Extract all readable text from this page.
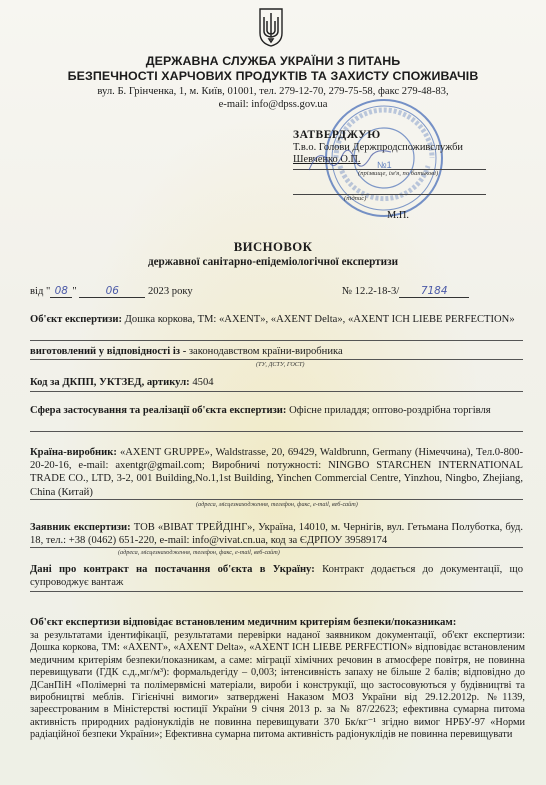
ДЕРЖАВНА СЛУЖБА УКРАЇНИ З ПИТАНЬ
БЕЗПЕЧНОСТІ ХАРЧОВИХ ПРОДУКТІВ ТА ЗАХИСТУ СПОЖИВАЧІВ
вул. Б. Грінченка, 1, м. Київ, 01001, тел. 279-12-70, 279-75-58, факс 279-48-83,
e-mail: info@dpss.gov.ua
№1
ЗАТВЕРДЖУЮ
Т.в.о. Голови Держпродспоживслужби
Шевченко О.П.
(прізвище, ім'я, по батькові)
(підпис)
М.П.
ВИСНОВОК
державної санітарно-епідеміологічної експертизи
від " 08 "	06	2023 року	№ 12.2-18-3/ 7184
Об'єкт експертизи: Дошка коркова, ТМ: «AXENT», «AXENT Delta», «AXENT ICH LIEBE PERFECTION»
виготовлений у відповідності із - законодавством країни-виробника
(ТУ, ДСТУ, ГОСТ)
Код за ДКПП, УКТЗЕД, артикул: 4504
Сфера застосування та реалізації об'єкта експертизи: Офісне приладдя; оптово-роздрібна торгівля
Країна-виробник: «AXENT GRUPPE», Waldstrasse, 20, 69429, Waldbrunn, Germany (Німеччина), Тел.0-800-20-20-16, e-mail: axentgr@gmail.com; Виробничі потужності: NINGBO STARCHEN INTERNATIONAL TRADE CO., LTD, 3-2, 001 Building,No.1,1st Building, Yinchen Commercial Centre, Yinzhou, Ningbo, Zhejiang, China (Китай)
(адреса, місцезнаходження, телефон, факс, e-mail, веб-сайт)
Заявник експертизи: ТОВ «ВІВАТ ТРЕЙДІНГ», Україна, 14010, м. Чернігів, вул. Гетьмана Полуботка, буд. 18, тел.: +38 (0462) 651-220, e-mail: info@vivat.cn.ua, код за ЄДРПОУ 39589174
(адреса, місцезнаходження, телефон, факс, e-mail, веб-сайт)
Дані про контракт на постачання об'єкта в Україну: Контракт додається до документації, що супроводжує вантаж
Об'єкт експертизи відповідає встановленим медичним критеріям безпеки/показникам:
за результатами ідентифікації, результатами перевірки наданої заявником документації, об'єкт експертизи: Дошка коркова, ТМ: «AXENT», «AXENT Delta», «AXENT ICH LIEBE PERFECTION» відповідає встановленим медичним критеріям безпеки/показникам, а саме: міграції хімічних речовин в атмосфере повітря, не повинна перевищувати (ГДК с.д.,мг/м³): формальдегіду – 0,003; інтенсивність запаху не більше 2 балів; відповідно до ДСанПіН «Полімерні та полімервмісні матеріали, вироби і конструкції, що застосовуються у будівництві та виробництві меблів. Гігієнічні вимоги» затверджені Наказом МОЗ України від 29.12.2012р. №1139, зареєстрованим в Міністерстві юстиції України 9 січня 2013 р. за № 87/22623; ефективна сумарна питома активність природних радіонуклідів не повинна перевищувати 370 Бк/кг⁻¹ згідно вимог НРБУ-97 «Норми радіаційної безпеки України»; Ефективна сумарна питома активність радіонуклідів не повинна перевищувати
